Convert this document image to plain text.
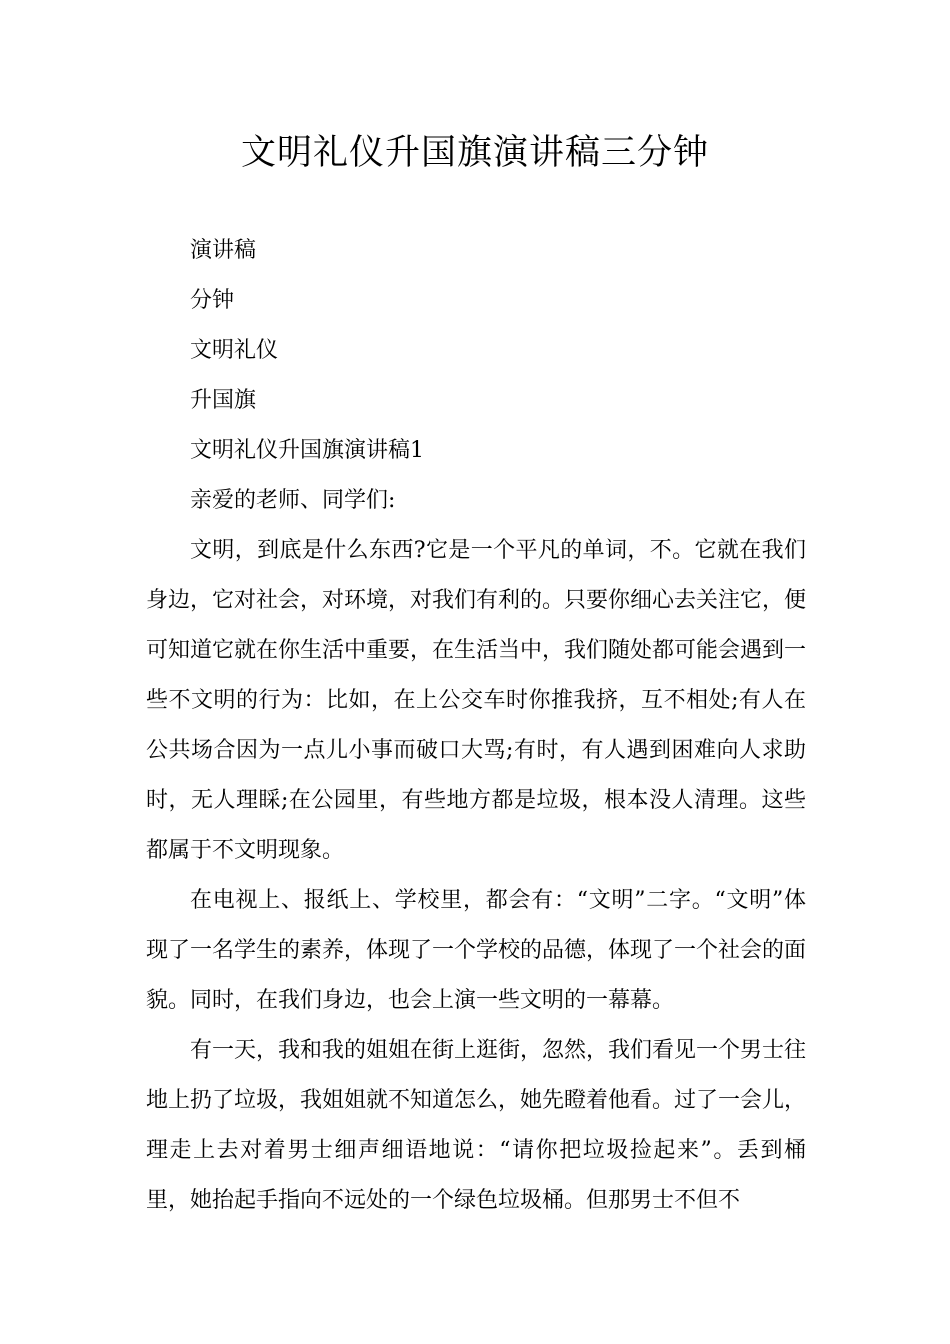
文明礼仪升国旗演讲稿三分钟

演讲稿

分钟

文明礼仪

升国旗

文明礼仪升国旗演讲稿1

亲爱的老师、同学们:

文明，到底是什么东西?它是一个平凡的单词，不。它就在我们身边，它对社会，对环境，对我们有利的。只要你细心去关注它，便可知道它就在你生活中重要，在生活当中，我们随处都可能会遇到一些不文明的行为：比如，在上公交车时你推我挤，互不相处;有人在公共场合因为一点儿小事而破口大骂;有时，有人遇到困难向人求助时，无人理睬;在公园里，有些地方都是垃圾，根本没人清理。这些都属于不文明现象。

在电视上、报纸上、学校里，都会有：“文明”二字。“文明”体现了一名学生的素养，体现了一个学校的品德，体现了一个社会的面貌。同时，在我们身边，也会上演一些文明的一幕幕。

有一天，我和我的姐姐在街上逛街，忽然，我们看见一个男士往地上扔了垃圾，我姐姐就不知道怎么，她先瞪着他看。过了一会儿，理走上去对着男士细声细语地说：“请你把垃圾捡起来”。丢到桶里，她抬起手指向不远处的一个绿色垃圾桶。但那男士不但不
